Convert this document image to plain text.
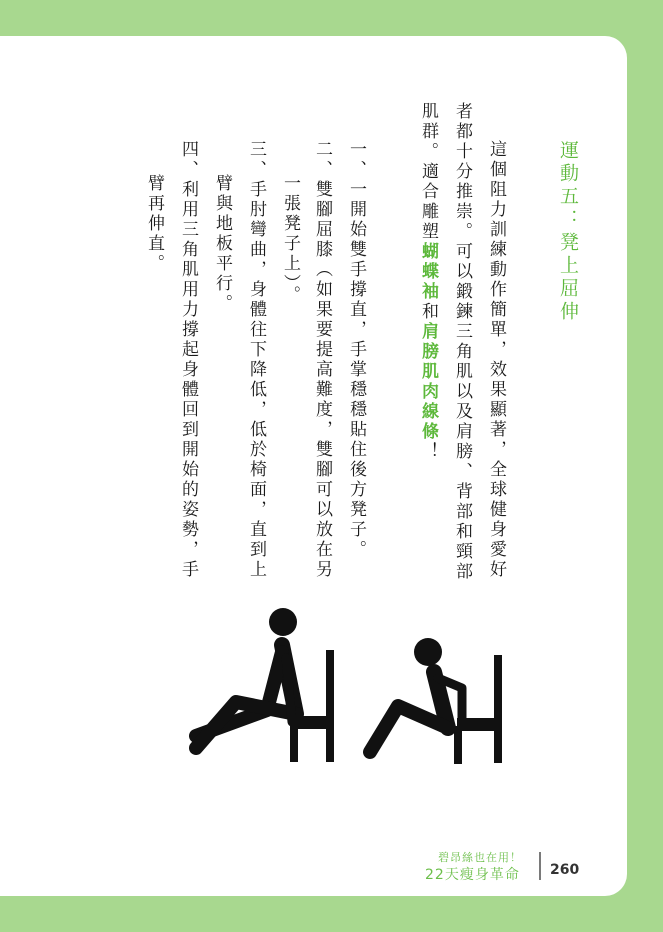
運動五：凳上屈伸
這個阻力訓練動作簡單，效果顯著，全球健身愛好
者都十分推崇。可以鍛鍊三角肌以及肩膀、背部和頸部
肌群。適合雕塑蝴蝶袖和肩膀肌肉線條！
一、一開始雙手撐直，手掌穩穩貼住後方凳子。
二、雙腳屈膝（如果要提高難度，雙腳可以放在另
一張凳子上）。
三、手肘彎曲，身體往下降低，低於椅面，直到上
臂與地板平行。
四、利用三角肌用力撐起身體回到開始的姿勢，手
臂再伸直。
碧昂絲也在用！
22天瘦身革命 260
